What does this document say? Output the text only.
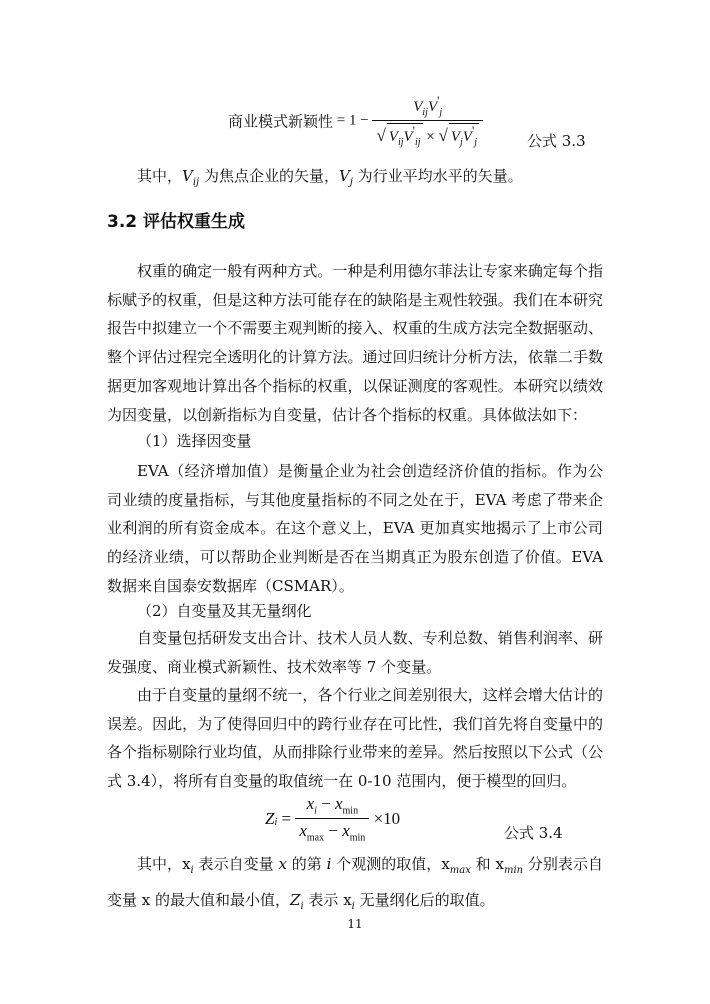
商业模式新颖性 = $1 - \frac{V_{ij}V'_j}{√ V_{ij}V'_{ij} \times √ V_jV'_j}$	公式 3.3

其中，$V_{ij}$ 为焦点企业的矢量，$V_j$ 为行业平均水平的矢量。

3.2 评估权重生成

权重的确定一般有两种方式。一种是利用德尔菲法让专家来确定每个指标赋予的权重，但是这种方法可能存在的缺陷是主观性较强。我们在本研究报告中拟建立一个不需要主观判断的接入、权重的生成方法完全数据驱动、整个评估过程完全透明化的计算方法。通过回归统计分析方法，依靠二手数据更加客观地计算出各个指标的权重，以保证测度的客观性。本研究以绩效为因变量，以创新指标为自变量，估计各个指标的权重。具体做法如下：

（1）选择因变量

EVA（经济增加值）是衡量企业为社会创造经济价值的指标。作为公司业绩的度量指标，与其他度量指标的不同之处在于，EVA 考虑了带来企业利润的所有资金成本。在这个意义上，EVA 更加真实地揭示了上市公司的经济业绩，可以帮助企业判断是否在当期真正为股东创造了价值。EVA 数据来自国泰安数据库（CSMAR）。

（2）自变量及其无量纲化

自变量包括研发支出合计、技术人员人数、专利总数、销售利润率、研发强度、商业模式新颖性、技术效率等 7 个变量。

由于自变量的量纲不统一，各个行业之间差别很大，这样会增大估计的误差。因此，为了使得回归中的跨行业存在可比性，我们首先将自变量中的各个指标剔除行业均值，从而排除行业带来的差异。然后按照以下公式（公式 3.4），将所有自变量的取值统一在 0-10 范围内，便于模型的回归。

$Z_i = \frac{x_i - x_{min}}{x_{max} - x_{min}} \times 10$
公式 3.4

其中，$x_i$ 表示自变量 x 的第 i 个观测的取值，$x_{max}$ 和 $x_{min}$ 分别表示自变量 x 的最大值和最小值，$Z_i$ 表示 $x_i$ 无量纲化后的取值。

11
